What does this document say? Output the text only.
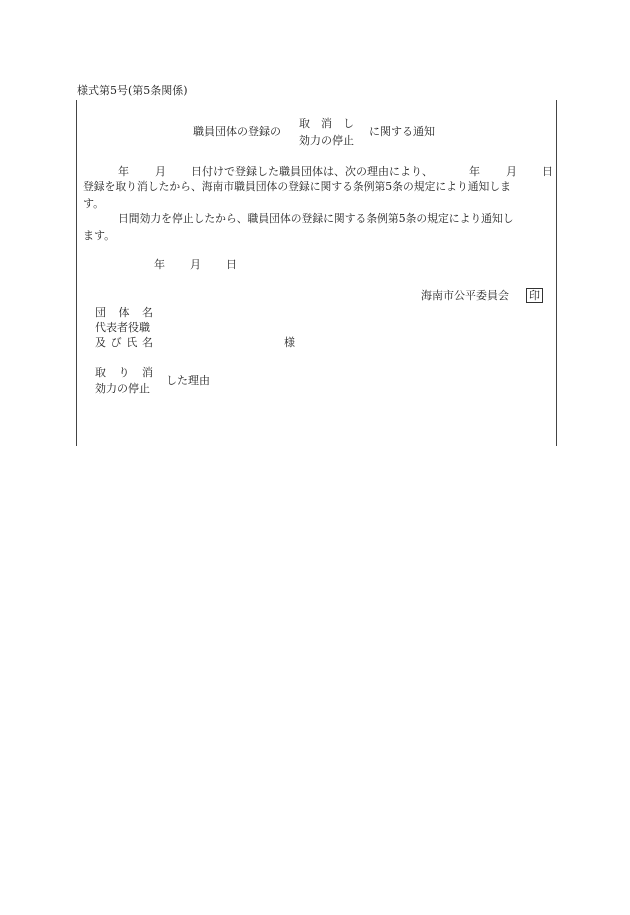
様式第5号(第5条関係)
職員団体の登録の
取　消　し
効力の停止
に関する通知
年 月 日付けで登録した職員団体は、次の理由により、	年 月 日
登録を取り消したから、海南市職員団体の登録に関する条例第5条の規定により通知しま
す。
日間効力を停止したから、職員団体の登録に関する条例第5条の規定により通知し
ます。
年 月 日
海南市公平委員会 印
団 体 名
代表者役職
及 び 氏 名	様
取 り 消
効力の停止
した理由
